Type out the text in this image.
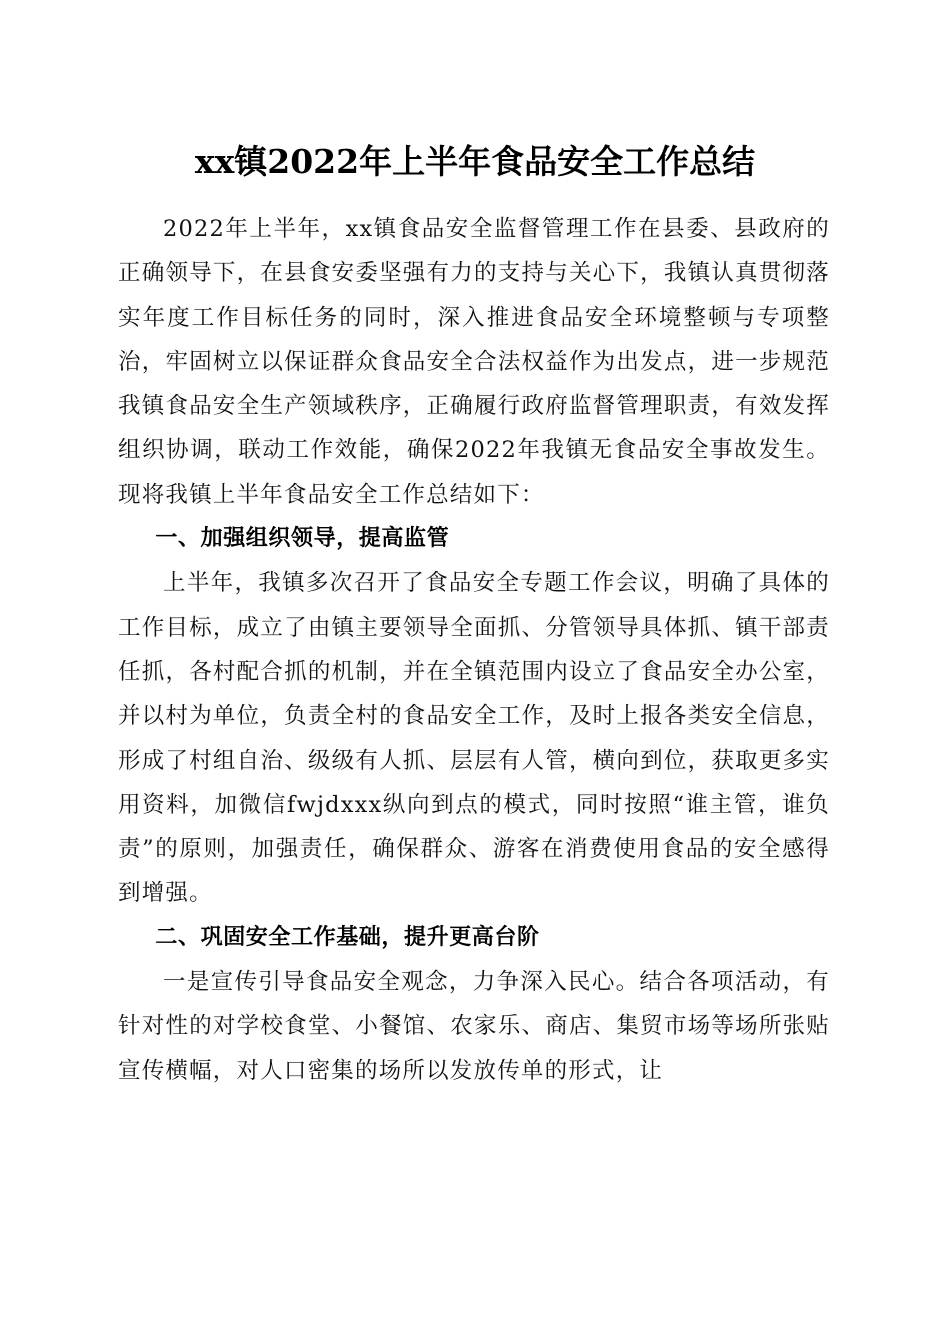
xx镇2022年上半年食品安全工作总结

2022年上半年，xx镇食品安全监督管理工作在县委、县政府的正确领导下，在县食安委坚强有力的支持与关心下，我镇认真贯彻落实年度工作目标任务的同时，深入推进食品安全环境整顿与专项整治，牢固树立以保证群众食品安全合法权益作为出发点，进一步规范我镇食品安全生产领域秩序，正确履行政府监督管理职责，有效发挥组织协调，联动工作效能，确保2022年我镇无食品安全事故发生。现将我镇上半年食品安全工作总结如下：

一、加强组织领导，提高监管

上半年，我镇多次召开了食品安全专题工作会议，明确了具体的工作目标，成立了由镇主要领导全面抓、分管领导具体抓、镇干部责任抓，各村配合抓的机制，并在全镇范围内设立了食品安全办公室，并以村为单位，负责全村的食品安全工作，及时上报各类安全信息，形成了村组自治、级级有人抓、层层有人管，横向到位，获取更多实用资料，加微信fwjdxxx纵向到点的模式，同时按照“谁主管，谁负责”的原则，加强责任，确保群众、游客在消费使用食品的安全感得到增强。

二、巩固安全工作基础，提升更高台阶

一是宣传引导食品安全观念，力争深入民心。结合各项活动，有针对性的对学校食堂、小餐馆、农家乐、商店、集贸市场等场所张贴宣传横幅，对人口密集的场所以发放传单的形式，让
